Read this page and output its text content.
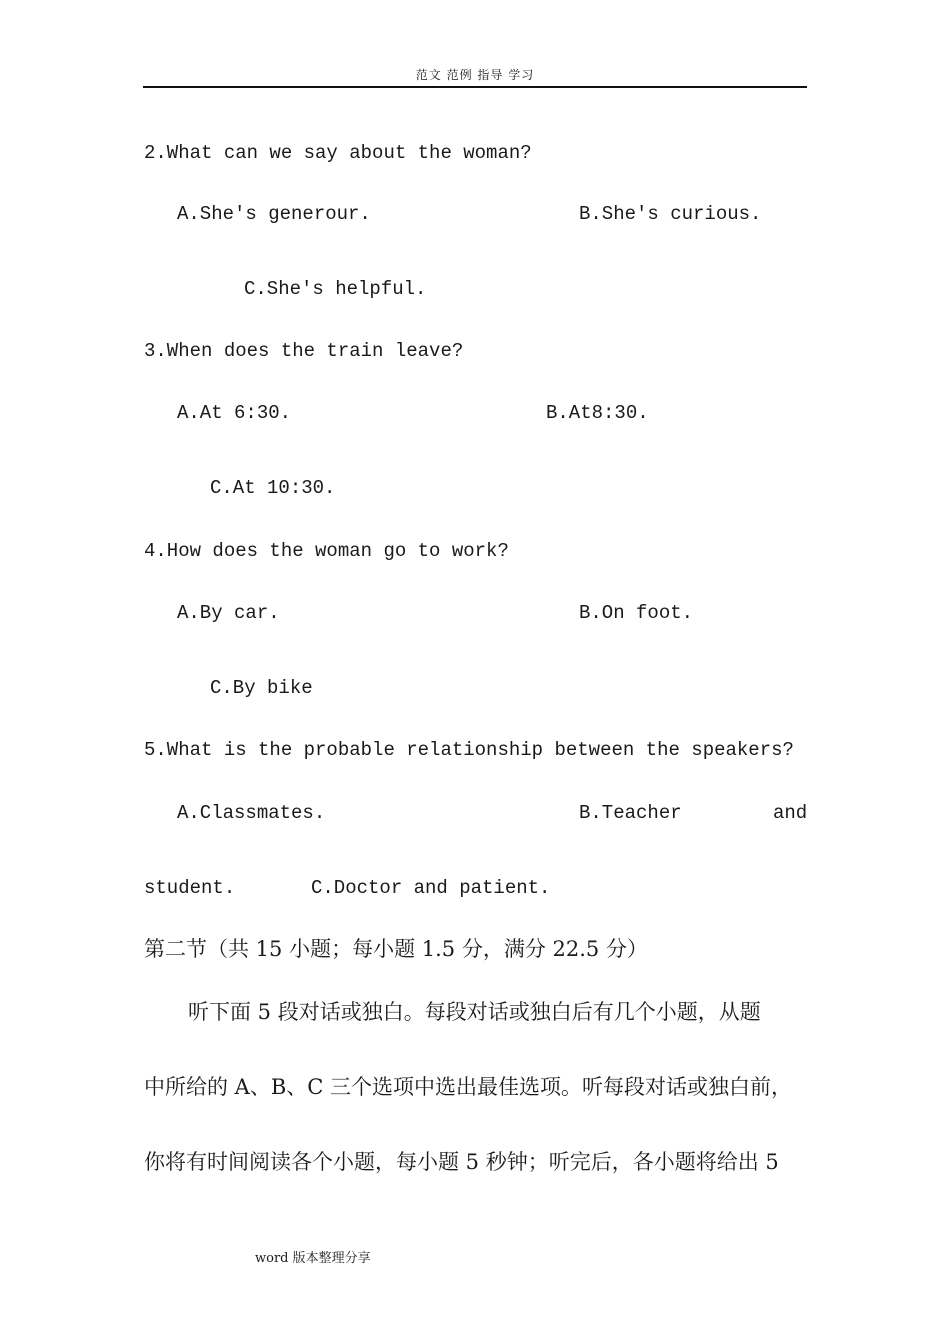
范文 范例 指导 学习
2.What can we say about the woman?
A.She's generour.	B.She's curious.
C.She's helpful.
3.When does the train leave?
A.At 6:30.	B.At8:30.
C.At 10:30.
4.How does the woman go to work?
A.By car.	B.On foot.
C.By bike
5.What is the probable relationship between the speakers?
A.Classmates.	B.Teacher	and
student.	C.Doctor and patient.
第二节（共 15 小题；每小题 1.5 分，满分 22.5 分）
听下面 5 段对话或独白。每段对话或独白后有几个小题，从题
中所给的 A、B、C 三个选项中选出最佳选项。听每段对话或独白前，
你将有时间阅读各个小题，每小题 5 秒钟；听完后，各小题将给出 5
word 版本整理分享
